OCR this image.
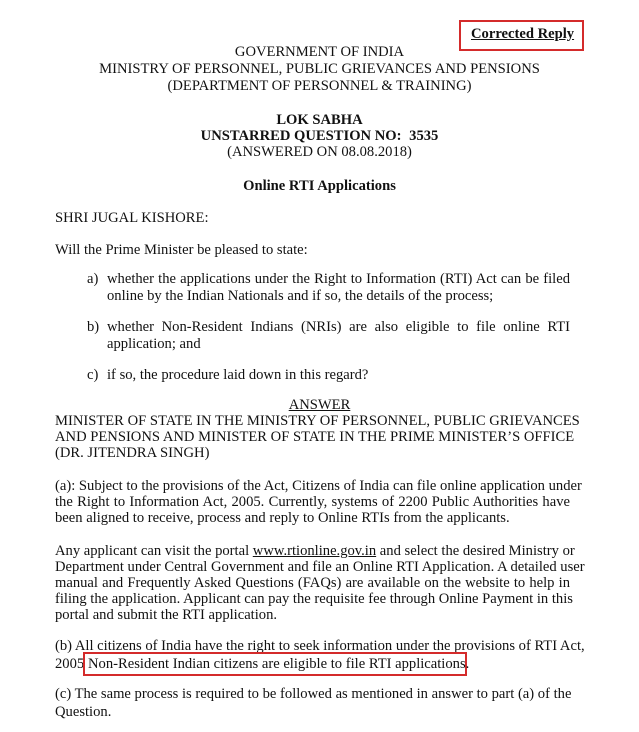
Corrected Reply
GOVERNMENT OF INDIA
MINISTRY OF PERSONNEL, PUBLIC GRIEVANCES AND PENSIONS
(DEPARTMENT OF PERSONNEL & TRAINING)
LOK SABHA
UNSTARRED QUESTION NO: 3535
(ANSWERED ON 08.08.2018)
Online RTI Applications
SHRI JUGAL KISHORE:
Will the Prime Minister be pleased to state:
a) whether the applications under the Right to Information (RTI) Act can be filed
online by the Indian Nationals and if so, the details of the process;
b) whether Non-Resident Indians (NRIs) are also eligible to file online RTI
application; and
c) if so, the procedure laid down in this regard?
ANSWER
MINISTER OF STATE IN THE MINISTRY OF PERSONNEL, PUBLIC GRIEVANCES
AND PENSIONS AND MINISTER OF STATE IN THE PRIME MINISTER’S OFFICE
(DR. JITENDRA SINGH)
(a): Subject to the provisions of the Act, Citizens of India can file online application under
the Right to Information Act, 2005. Currently, systems of 2200 Public Authorities have
been aligned to receive, process and reply to Online RTIs from the applicants.
Any applicant can visit the portal www.rtionline.gov.in and select the desired Ministry or
Department under Central Government and file an Online RTI Application. A detailed user
manual and Frequently Asked Questions (FAQs) are available on the website to help in
filing the application. Applicant can pay the requisite fee through Online Payment in this
portal and submit the RTI application.
(b) All citizens of India have the right to seek information under the provisions of RTI Act,
2005 Non-Resident Indian citizens are eligible to file RTI applications.
(c) The same process is required to be followed as mentioned in answer to part (a) of the
Question.
